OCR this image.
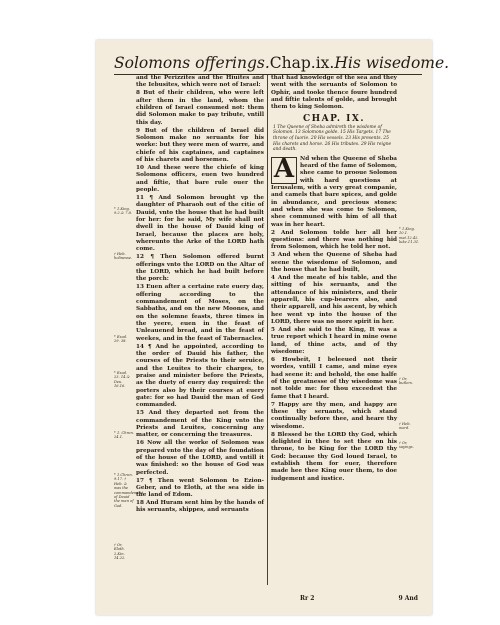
Solomons offerings. Chap.ix. His wisedome.
* 1.King. 9.2.& 7.8.
† Heb. holinesse.
* Exod. 29. 38.
* Exod. 23. 14.& Deu. 16.16.
* 1. Chron. 24.1.
* 1.Chron. 9.17. † Heb. & was the commandement of Dauid the man of God.
† Or, Eloth. 2.Kin. 14.22.

and the Perizzites and the Hiuites and the Iebusites, which were not of Israel:

8 But of their children, who were left after them in the land, whom the children of Israel consumed not: them did Solomon make to pay tribute, vntill this day.

9 But of the children of Israel did Solomon make no seruants for his worke: but they were men of warre, and chiefe of his captaines, and captaines of his charets and horsemen.

10 And these were the chiefe of king Solomons officers, euen two hundred and fiftie, that bare rule ouer the people.

11 ¶ And Solomon brought vp the daughter of Pharaoh out of the citie of Dauid, vnto the house that he had built for her: for he said, My wife shall not dwell in the house of Dauid king of Israel, because the places are holy, whereunto the Arke of the LORD hath come.

12 ¶ Then Solomon offered burnt offerings vnto the LORD on the Altar of the LORD, which he had built before the porch:

13 Euen after a certaine rate euery day, offering according to the commandement of Moses, on the Sabbaths, and on the new Moones, and on the solemne feasts, three times in the yeere, euen in the feast of Unleauened bread, and in the feast of weekes, and in the feast of Tabernacles.

14 ¶ And he appointed, according to the order of Dauid his father, the courses of the Priests to their seruice, and the Leuites to their charges, to praise and minister before the Priests, as the duety of euery day required: the porters also by their courses at euery gate: for so had Dauid the man of God commanded.

15 And they departed not from the commandement of the King vnto the Priests and Leuites, concerning any matter, or concerning the treasures.

16 Now all the worke of Solomon was prepared vnto the day of the foundation of the house of the LORD, and vntill it was finished: so the house of God was perfected.

17 ¶ Then went Solomon to Ezion-Geber, and to Eloth, at the sea side in the land of Edom.

18 And Huram sent him by the hands of his seruants, shippes, and seruants

that had knowledge of the sea and they went with the seruants of Solomon to Ophir, and tooke thence foure hundred and fiftie talents of golde, and brought them to king Solomon.

CHAP. IX.
1 The Queene of Sheba admireth the wisdome of Solomon. 13 Solomons golde. 15 His Targets. 17 The throne of Iuorie. 20 His vessels. 23 His presents. 25 His charets and horse. 26 His tributes. 29 His reigne and death.
A	Nd when the Queene of Sheba heard of the fame of Solomon, shee came to prooue Solomon with hard questions at Ierusalem, with a very great companie, and camels that bare spices, and golde in abundance, and precious stones: and when she was come to Solomon, shee communed with him of all that was in her heart.

2 And Solomon tolde her all her questions: and there was nothing hid from Solomon, which he told her not.

3 And when the Queene of Sheba had seene the wisedome of Solomon, and the house that he had built,

4 And the meate of his table, and the sitting of his seruants, and the attendance of his ministers, and their apparell, his cup-bearers also, and their apparell, and his ascent, by which hee went vp into the house of the LORD, there was no more spirit in her.

5 And she said to the King, It was a true report which I heard in mine owne land, of thine acts, and of thy wisedome:

6 Howbeit, I beleeued not their wordes, vntill I came, and mine eyes had seene it: and behold, the one halfe of the greatnesse of thy wisedome was not tolde me: for thou exceedest the fame that I heard.

7 Happy are thy men, and happy are these thy seruants, which stand continually before thee, and heare thy wisedome.

8 Blessed be the LORD thy God, which delighted in thee to set thee on his throne, to be King for the LORD thy God: because thy God loued Israel, to establish them for euer, therefore made hee thee King ouer them, to doe iudgement and iustice.

* 1.King. 10.1. mat.12.42. luke.11.31.
† Or, butlers.
† Heb. word.
† Or, sayings.
Rr 2	9 And
